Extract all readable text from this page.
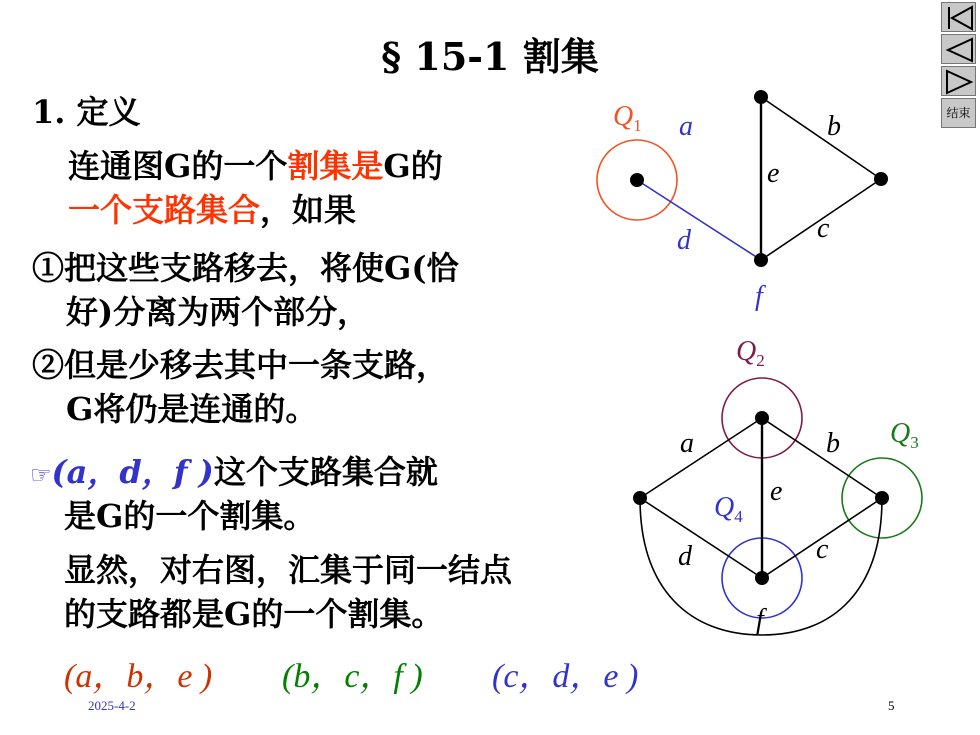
§ 15-1 割集
1. 定义
连通图G的一个割集是G的
一个支路集合，如果
①把这些支路移去，将使G(恰
好)分离为两个部分，
②但是少移去其中一条支路，
G将仍是连通的。
☞(a，d，f )这个支路集合就
是G的一个割集。
显然，对右图，汇集于同一结点
的支路都是G的一个割集。
(a，b，e ) (b，c，f ) (c，d，e )
2025-4-2	5
结束
$Q_1$ a	b
e
c
d
f
$Q_2$
$Q_3$
$Q_4$
a	b
e
d	c
f
